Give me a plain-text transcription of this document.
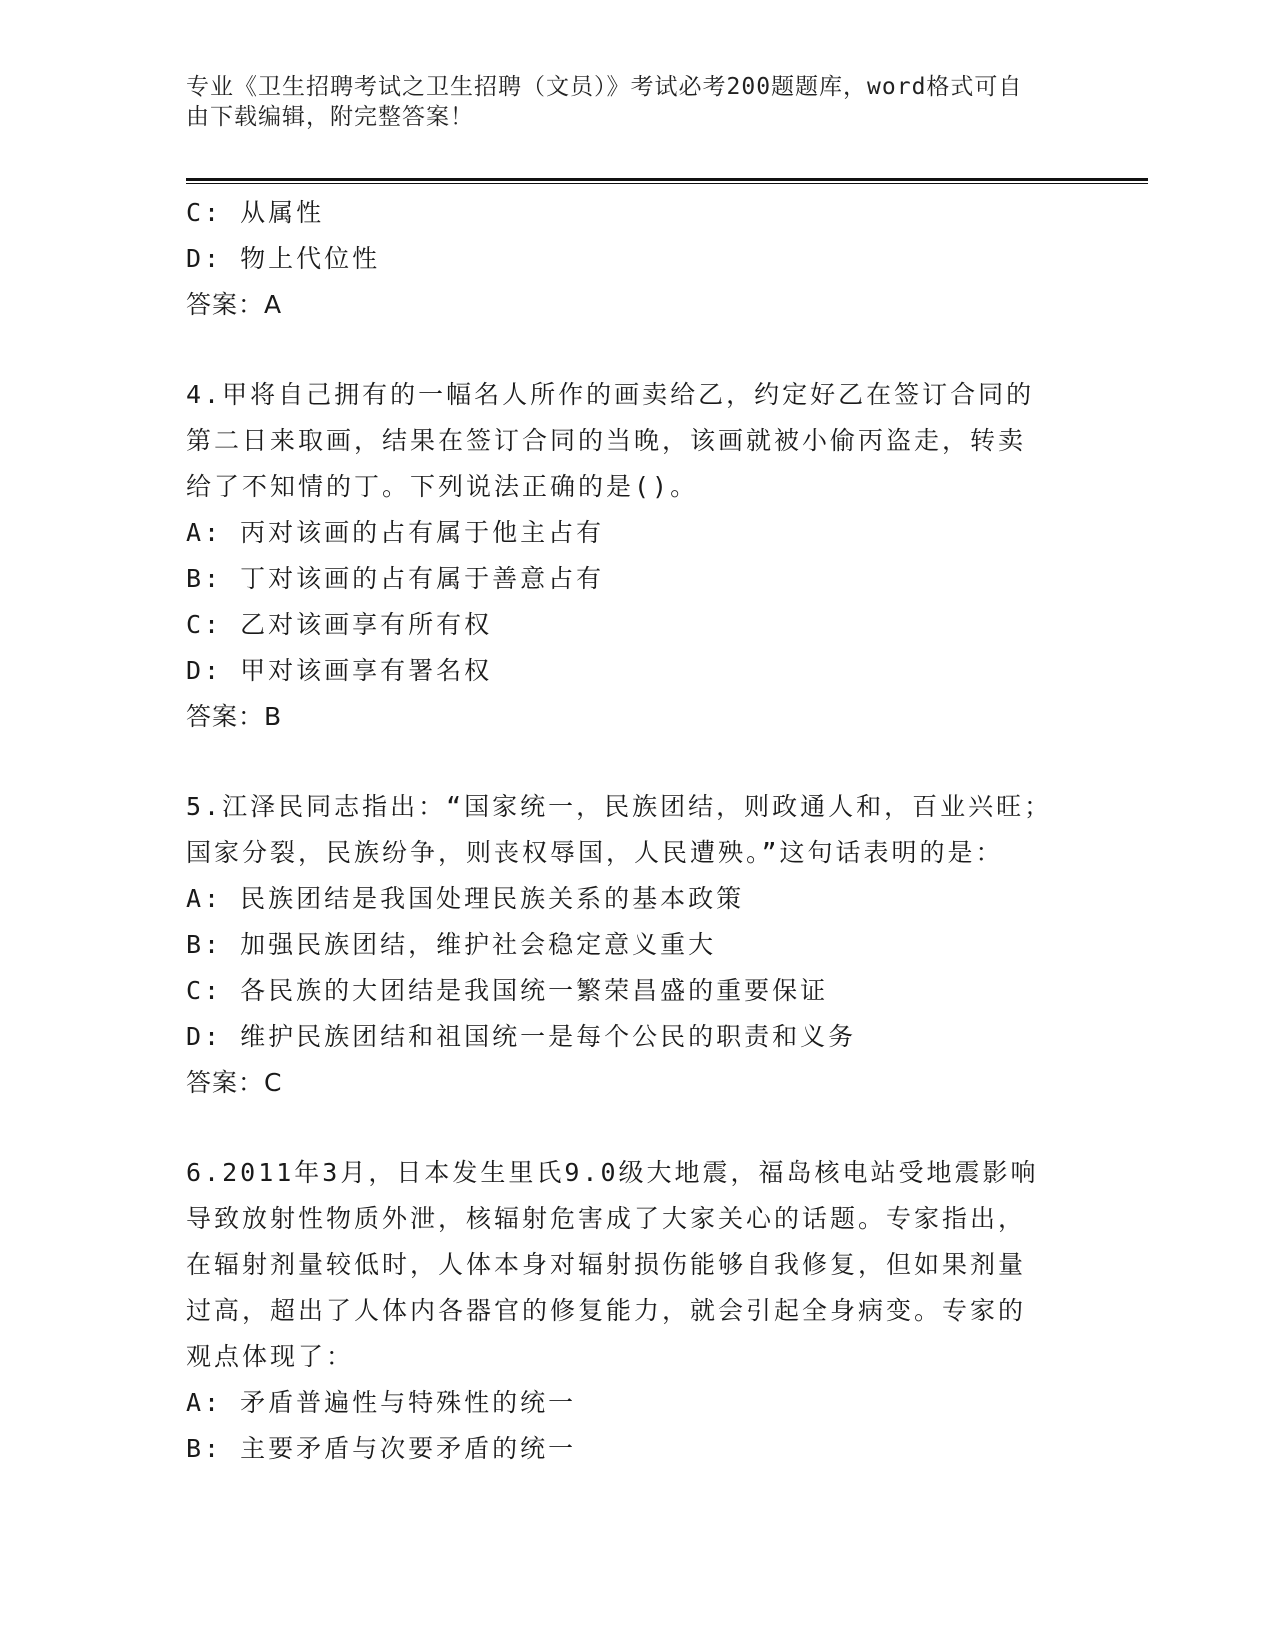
专业《卫生招聘考试之卫生招聘（文员）》考试必考200题题库，word格式可自
由下载编辑，附完整答案！
C: 从属性
D: 物上代位性
答案：A
4.甲将自己拥有的一幅名人所作的画卖给乙，约定好乙在签订合同的
第二日来取画，结果在签订合同的当晚，该画就被小偷丙盗走，转卖
给了不知情的丁。下列说法正确的是()。
A: 丙对该画的占有属于他主占有
B: 丁对该画的占有属于善意占有
C: 乙对该画享有所有权
D: 甲对该画享有署名权
答案：B
5.江泽民同志指出：“国家统一，民族团结，则政通人和，百业兴旺；
国家分裂，民族纷争，则丧权辱国，人民遭殃。”这句话表明的是：
A: 民族团结是我国处理民族关系的基本政策
B: 加强民族团结，维护社会稳定意义重大
C: 各民族的大团结是我国统一繁荣昌盛的重要保证
D: 维护民族团结和祖国统一是每个公民的职责和义务
答案：C
6.2011年3月，日本发生里氏9.0级大地震，福岛核电站受地震影响
导致放射性物质外泄，核辐射危害成了大家关心的话题。专家指出，
在辐射剂量较低时，人体本身对辐射损伤能够自我修复，但如果剂量
过高，超出了人体内各器官的修复能力，就会引起全身病变。专家的
观点体现了：
A: 矛盾普遍性与特殊性的统一
B: 主要矛盾与次要矛盾的统一
